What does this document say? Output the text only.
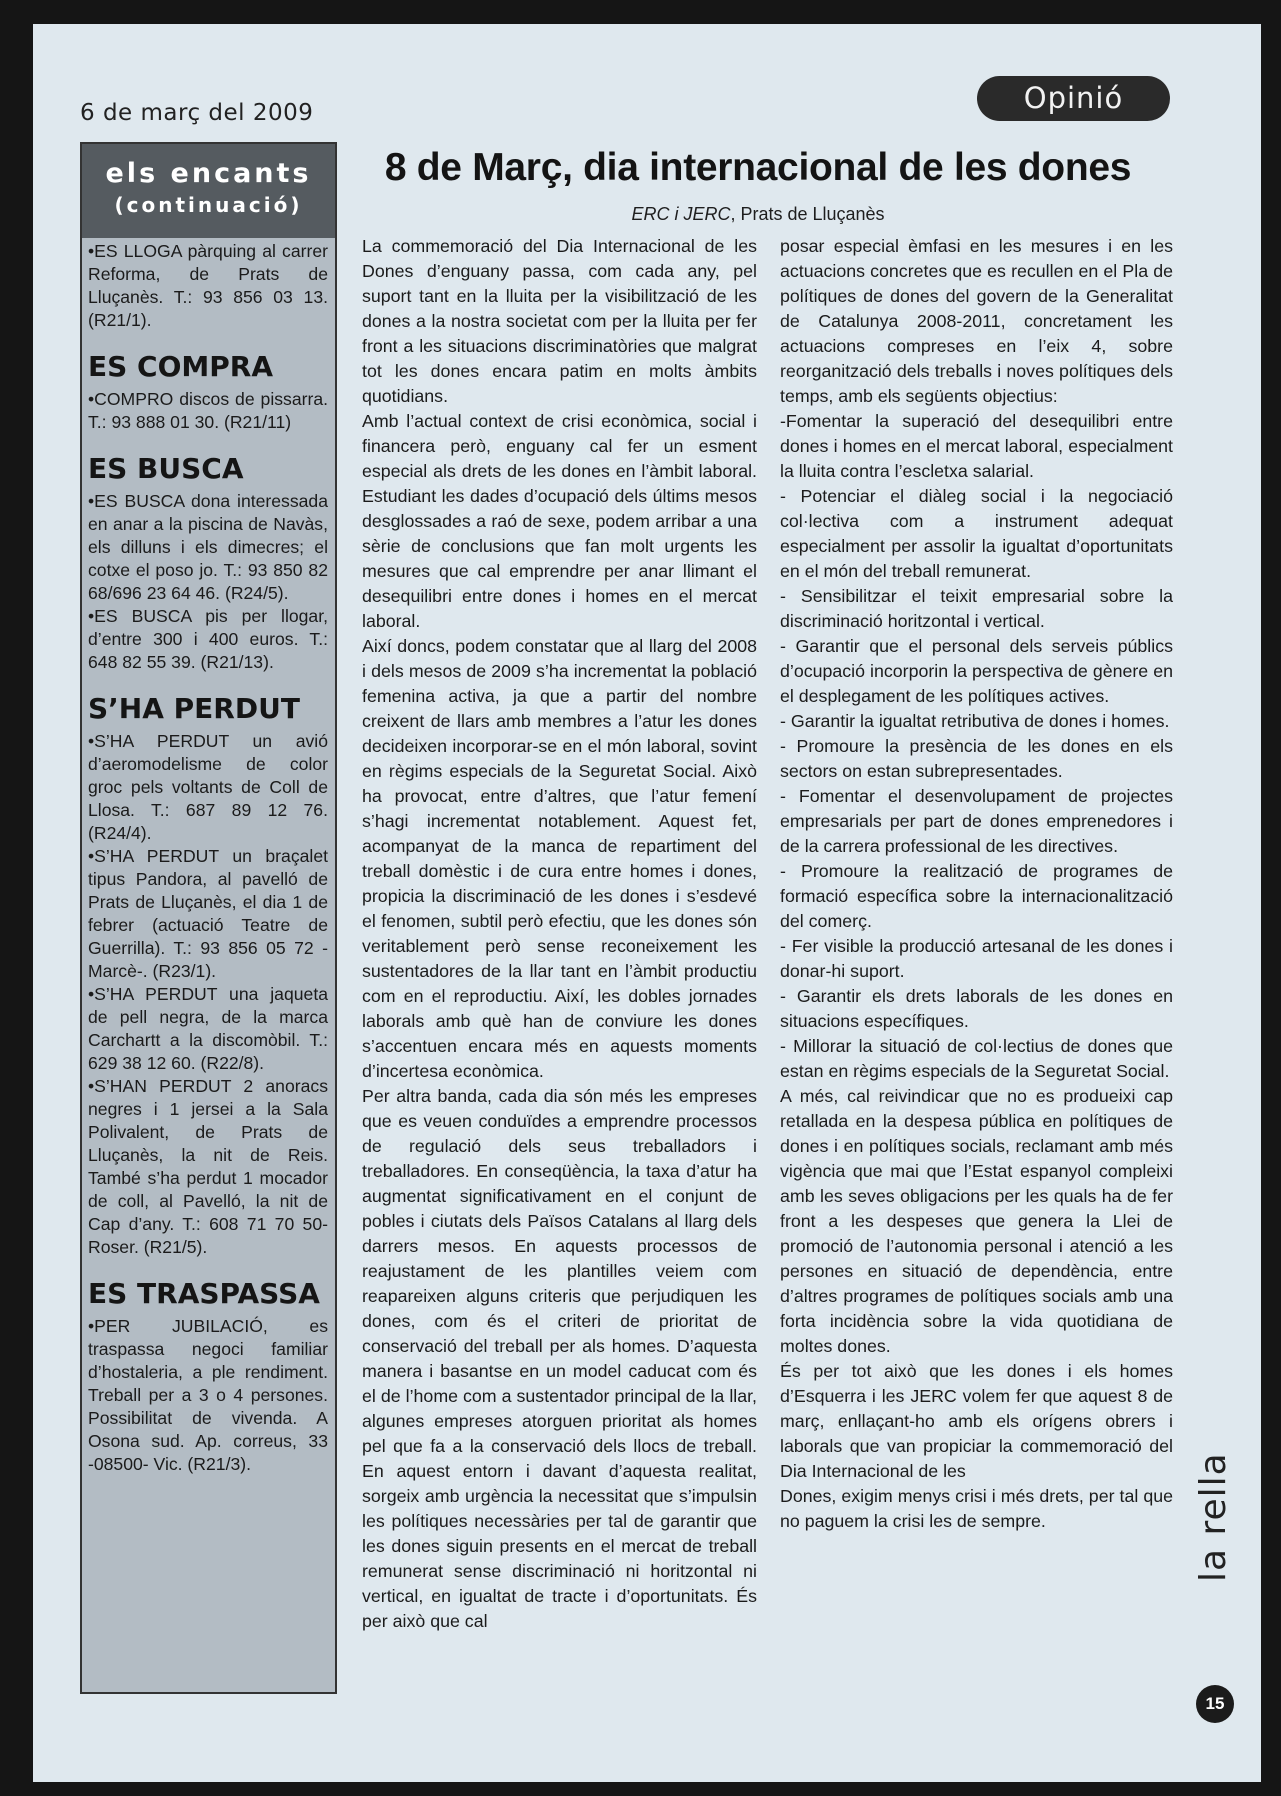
6 de març del 2009	Opinió
els encants
(continuació)
•ES LLOGA pàrquing al carrer Reforma, de Prats de Lluçanès. T.: 93 856 03 13. (R21/1).
ES COMPRA
•COMPRO discos de pissarra. T.: 93 888 01 30. (R21/11)
ES BUSCA
•ES BUSCA dona interessada en anar a la piscina de Navàs, els dilluns i els dimecres; el cotxe el poso jo. T.: 93 850 82 68/696 23 64 46. (R24/5).
•ES BUSCA pis per llogar, d’entre 300 i 400 euros. T.: 648 82 55 39. (R21/13).
S’HA PERDUT
•S’HA PERDUT un avió d’aeromodelisme de color groc pels voltants de Coll de Llosa. T.: 687 89 12 76. (R24/4).
•S’HA PERDUT un braçalet tipus Pandora, al pavelló de Prats de Lluçanès, el dia 1 de febrer (actuació Teatre de Guerrilla). T.: 93 856 05 72 -Marcè-. (R23/1).
•S’HA PERDUT una jaqueta de pell negra, de la marca Carchartt a la discomòbil. T.: 629 38 12 60. (R22/8).
•S’HAN PERDUT 2 anoracs negres i 1 jersei a la Sala Polivalent, de Prats de Lluçanès, la nit de Reis. També s’ha perdut 1 mocador de coll, al Pavelló, la nit de Cap d’any. T.: 608 71 70 50-Roser. (R21/5).
ES TRASPASSA
•PER JUBILACIÓ, es traspassa negoci familiar d’hostaleria, a ple rendiment. Treball per a 3 o 4 persones. Possibilitat de vivenda. A Osona sud. Ap. correus, 33 -08500- Vic. (R21/3).
8 de Març, dia internacional de les dones
ERC i JERC, Prats de Lluçanès

La commemoració del Dia Internacional de les Dones d’enguany passa, com cada any, pel suport tant en la lluita per la visibilització de les dones a la nostra societat com per la lluita per fer front a les situacions discriminatòries que malgrat tot les dones encara patim en molts àmbits quotidians.

Amb l’actual context de crisi econòmica, social i financera però, enguany cal fer un esment especial als drets de les dones en l’àmbit laboral. Estudiant les dades d’ocupació dels últims mesos desglossades a raó de sexe, podem arribar a una sèrie de conclusions que fan molt urgents les mesures que cal emprendre per anar llimant el desequilibri entre dones i homes en el mercat laboral.

Així doncs, podem constatar que al llarg del 2008 i dels mesos de 2009 s’ha incrementat la població femenina activa, ja que a partir del nombre creixent de llars amb membres a l’atur les dones decideixen incorporar-se en el món laboral, sovint en règims especials de la Seguretat Social. Això ha provocat, entre d’altres, que l’atur femení s’hagi incrementat notablement. Aquest fet, acompanyat de la manca de repartiment del treball domèstic i de cura entre homes i dones, propicia la discriminació de les dones i s’esdevé el fenomen, subtil però efectiu, que les dones són veritablement però sense reconeixement les sustentadores de la llar tant en l’àmbit productiu com en el reproductiu. Així, les dobles jornades laborals amb què han de conviure les dones s’accentuen encara més en aquests moments d’incertesa econòmica.

Per altra banda, cada dia són més les empreses que es veuen conduïdes a emprendre processos de regulació dels seus treballadors i treballadores. En conseqüència, la taxa d’atur ha augmentat significativament en el conjunt de pobles i ciutats dels Països Catalans al llarg dels darrers mesos. En aquests processos de reajustament de les plantilles veiem com reapareixen alguns criteris que perjudiquen les dones, com és el criteri de prioritat de conservació del treball per als homes. D’aquesta manera i basantse en un model caducat com és el de l’home com a sustentador principal de la llar, algunes empreses atorguen prioritat als homes pel que fa a la conservació dels llocs de treball. En aquest entorn i davant d’aquesta realitat, sorgeix amb urgència la necessitat que s’impulsin les polítiques necessàries per tal de garantir que les dones siguin presents en el mercat de treball remunerat sense discriminació ni horitzontal ni vertical, en igualtat de tracte i d’oportunitats. És per això que cal

posar especial èmfasi en les mesures i en les actuacions concretes que es recullen en el Pla de polítiques de dones del govern de la Generalitat de Catalunya 2008-2011, concretament les actuacions compreses en l’eix 4, sobre reorganització dels treballs i noves polítiques dels temps, amb els següents objectius:

-Fomentar la superació del desequilibri entre dones i homes en el mercat laboral, especialment la lluita contra l’escletxa salarial.

- Potenciar el diàleg social i la negociació col·lectiva com a instrument adequat especialment per assolir la igualtat d’oportunitats en el món del treball remunerat.

- Sensibilitzar el teixit empresarial sobre la discriminació horitzontal i vertical.

- Garantir que el personal dels serveis públics d’ocupació incorporin la perspectiva de gènere en el desplegament de les polítiques actives.

- Garantir la igualtat retributiva de dones i homes.

- Promoure la presència de les dones en els sectors on estan subrepresentades.

- Fomentar el desenvolupament de projectes empresarials per part de dones emprenedores i de la carrera professional de les directives.

- Promoure la realització de programes de formació específica sobre la internacionalització del comerç.

- Fer visible la producció artesanal de les dones i donar-hi suport.

- Garantir els drets laborals de les dones en situacions específiques.

- Millorar la situació de col·lectius de dones que estan en règims especials de la Seguretat Social.

A més, cal reivindicar que no es produeixi cap retallada en la despesa pública en polítiques de dones i en polítiques socials, reclamant amb més vigència que mai que l’Estat espanyol compleixi amb les seves obligacions per les quals ha de fer front a les despeses que genera la Llei de promoció de l’autonomia personal i atenció a les persones en situació de dependència, entre d’altres programes de polítiques socials amb una forta incidència sobre la vida quotidiana de moltes dones.

És per tot això que les dones i els homes d’Esquerra i les JERC volem fer que aquest 8 de març, enllaçant-ho amb els orígens obrers i laborals que van propiciar la commemoració del Dia Internacional de les

Dones, exigim menys crisi i més drets, per tal que no paguem la crisi les de sempre.	la rella
15
